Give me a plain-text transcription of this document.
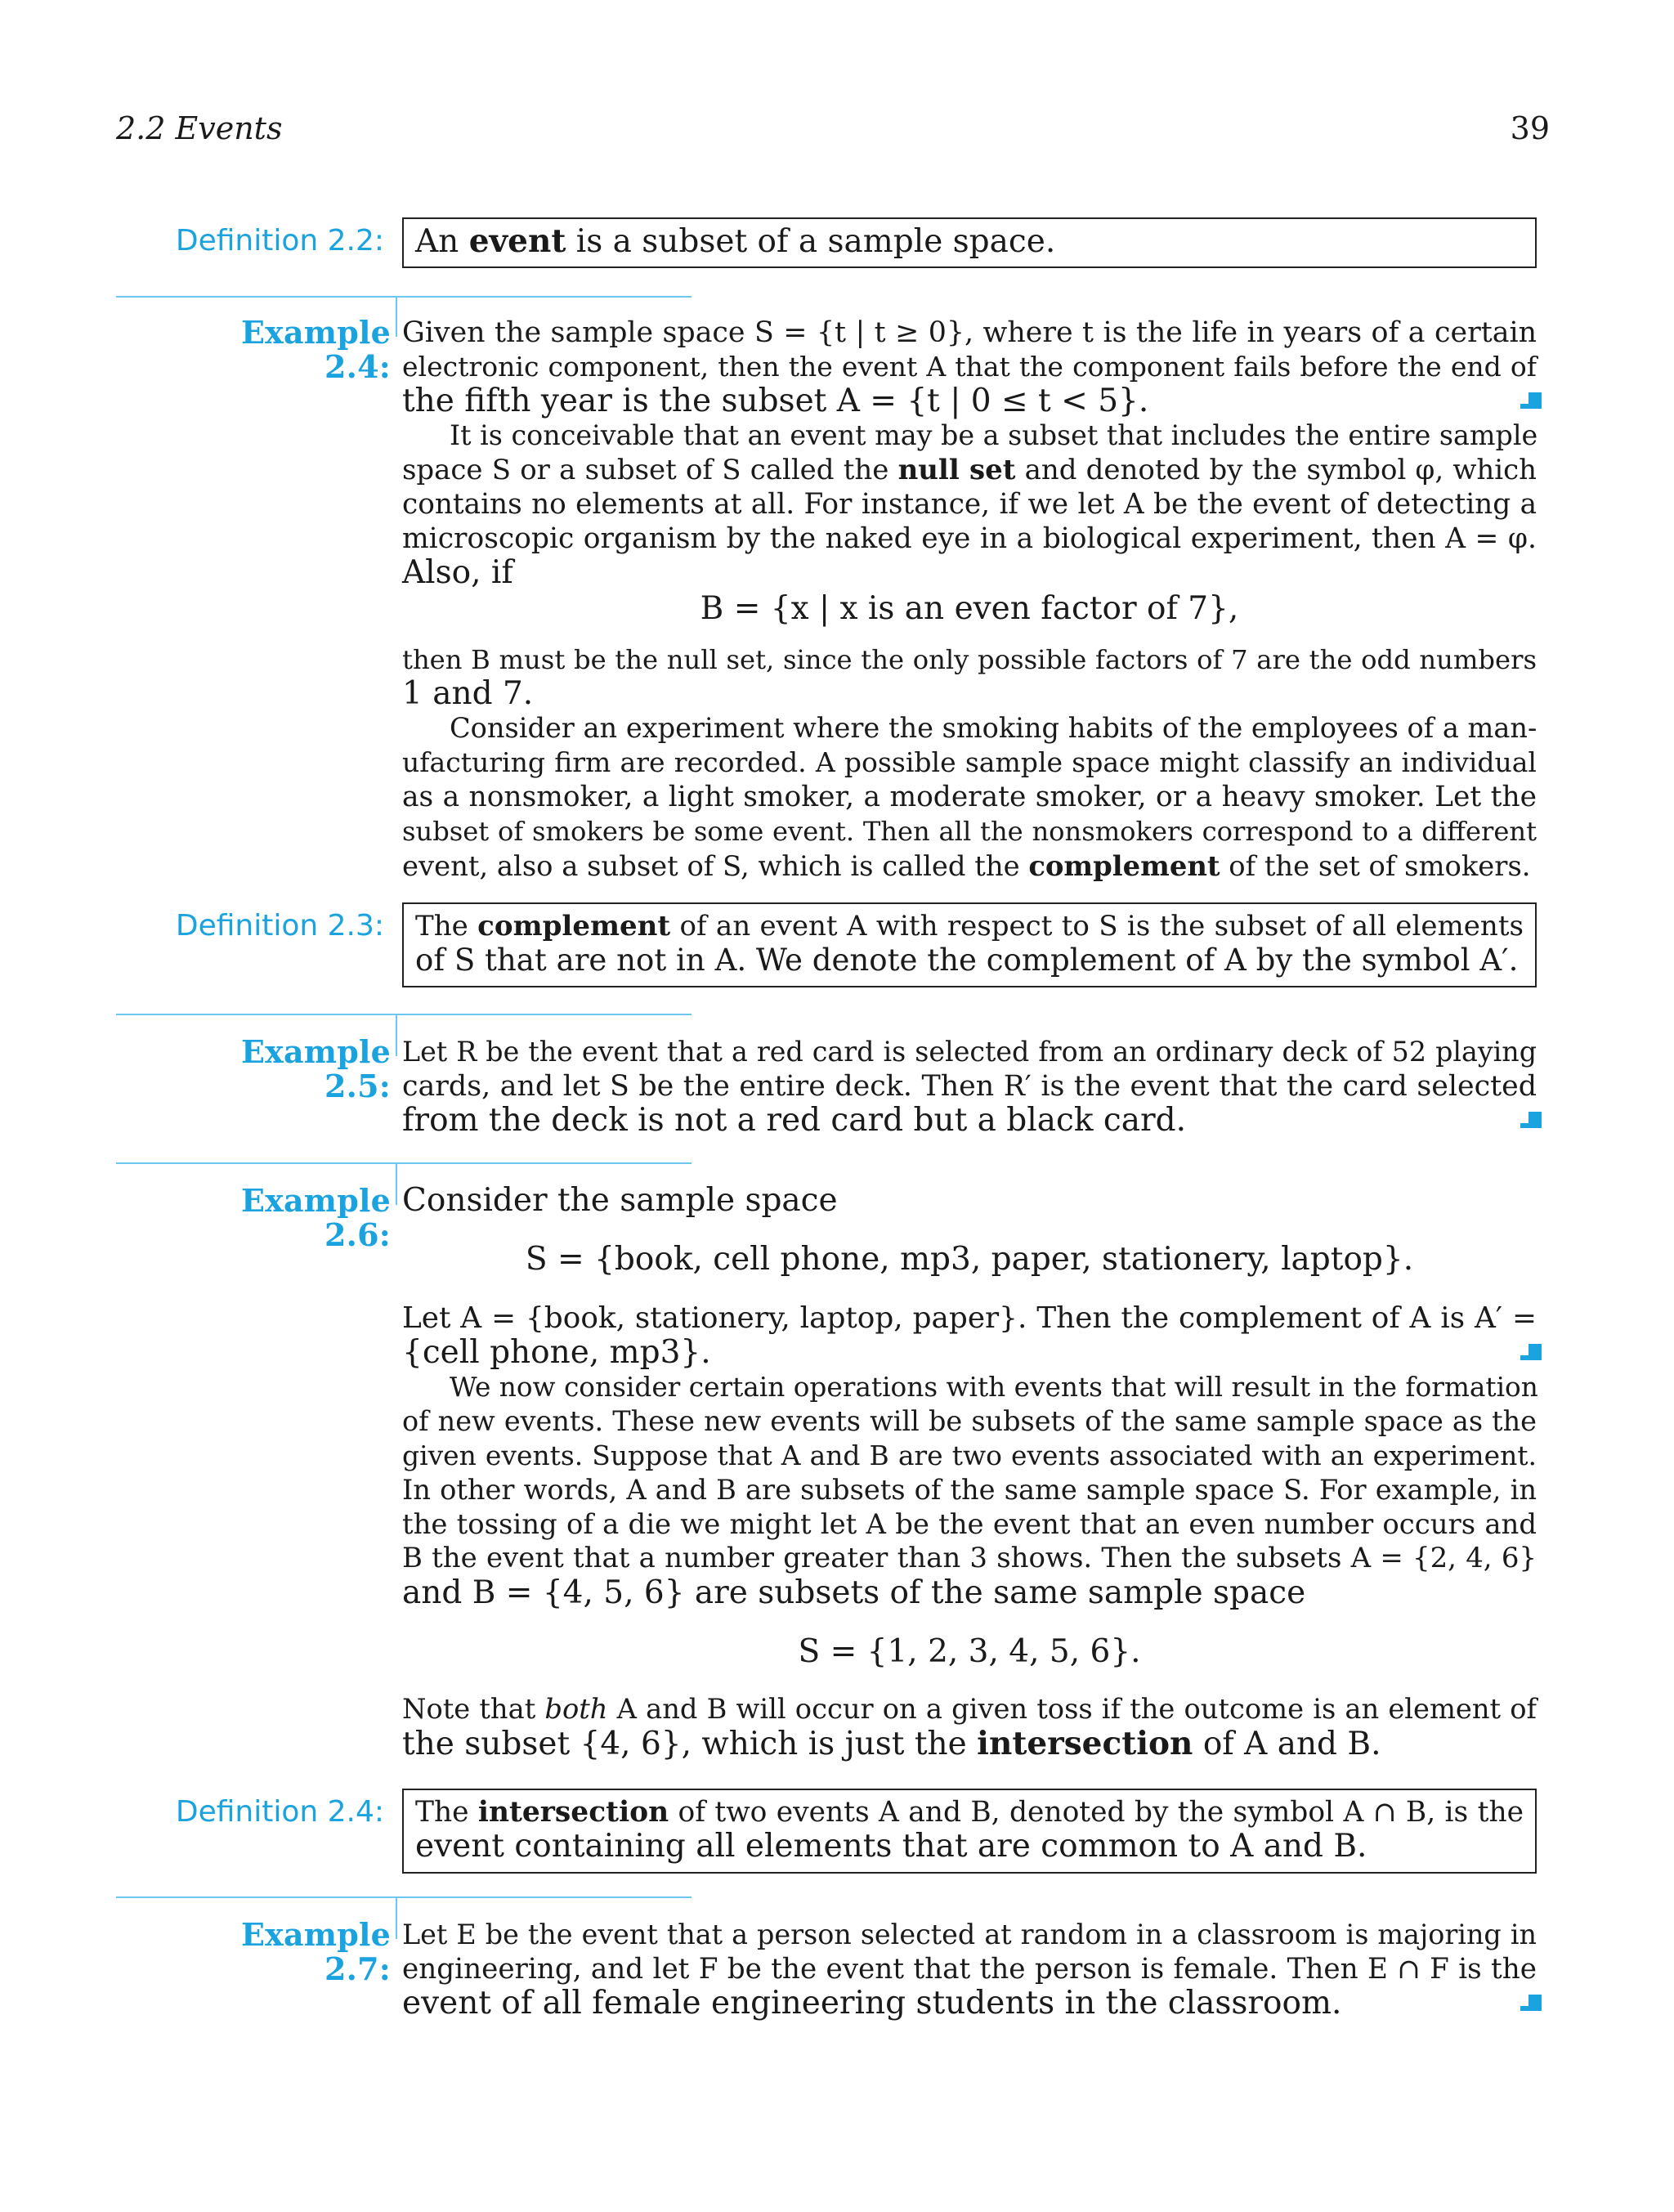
2.2 Events	39
Definition 2.2: An event is a subset of a sample space.
Example 2.4:
Given the sample space S = {t | t ≥ 0}, where t is the life in years of a certain
electronic component, then the event A that the component fails before the end of
the fifth year is the subset A = {t | 0 ≤ t < 5}.
It is conceivable that an event may be a subset that includes the entire sample
space S or a subset of S called the null set and denoted by the symbol φ, which
contains no elements at all. For instance, if we let A be the event of detecting a
microscopic organism by the naked eye in a biological experiment, then A = φ.
Also, if
B = {x | x is an even factor of 7},
then B must be the null set, since the only possible factors of 7 are the odd numbers
1 and 7.
Consider an experiment where the smoking habits of the employees of a man-
ufacturing firm are recorded. A possible sample space might classify an individual
as a nonsmoker, a light smoker, a moderate smoker, or a heavy smoker. Let the
subset of smokers be some event. Then all the nonsmokers correspond to a different
event, also a subset of S, which is called the complement of the set of smokers.
Definition 2.3: The complement of an event A with respect to S is the subset of all elements
of S that are not in A. We denote the complement of A by the symbol A′.
Example 2.5:
Let R be the event that a red card is selected from an ordinary deck of 52 playing
cards, and let S be the entire deck. Then R′ is the event that the card selected
from the deck is not a red card but a black card.
Example 2.6:
Consider the sample space
S = {book, cell phone, mp3, paper, stationery, laptop}.
Let A = {book, stationery, laptop, paper}. Then the complement of A is A′ =
{cell phone, mp3}.
We now consider certain operations with events that will result in the formation
of new events. These new events will be subsets of the same sample space as the
given events. Suppose that A and B are two events associated with an experiment.
In other words, A and B are subsets of the same sample space S. For example, in
the tossing of a die we might let A be the event that an even number occurs and
B the event that a number greater than 3 shows. Then the subsets A = {2, 4, 6}
and B = {4, 5, 6} are subsets of the same sample space
S = {1, 2, 3, 4, 5, 6}.
Note that both A and B will occur on a given toss if the outcome is an element of
the subset {4, 6}, which is just the intersection of A and B.
Definition 2.4: The intersection of two events A and B, denoted by the symbol A ∩ B, is the
event containing all elements that are common to A and B.
Example 2.7:
Let E be the event that a person selected at random in a classroom is majoring in
engineering, and let F be the event that the person is female. Then E ∩ F is the
event of all female engineering students in the classroom.
